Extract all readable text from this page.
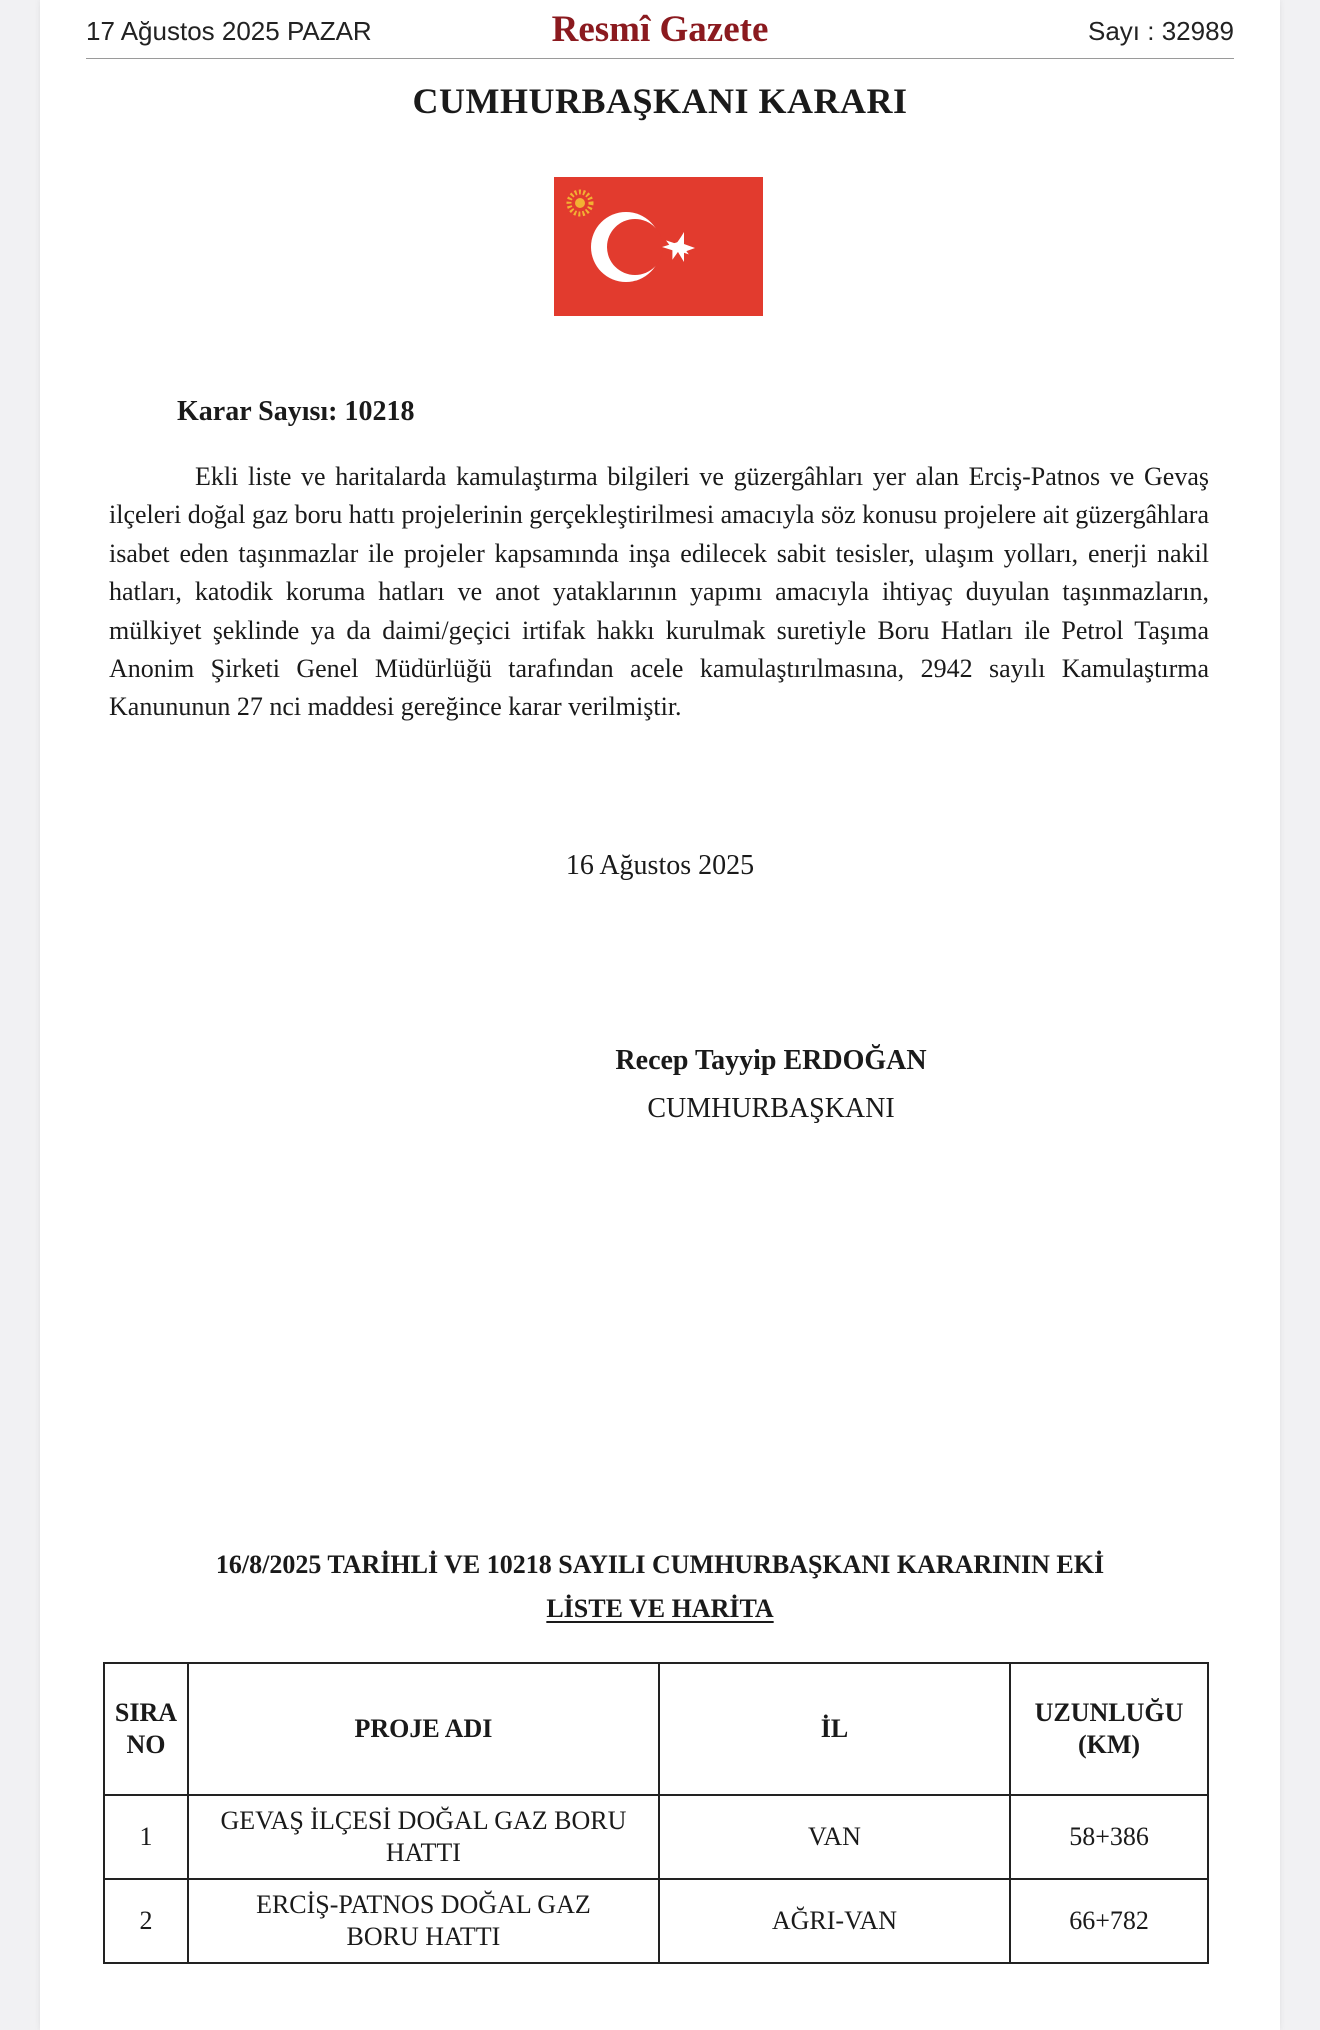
17 Ağustos 2025 PAZAR	Resmî Gazete	Sayı : 32989
CUMHURBAŞKANI KARARI
Karar Sayısı: 10218
Ekli liste ve haritalarda kamulaştırma bilgileri ve güzergâhları yer alan Erciş-Patnos ve Gevaş ilçeleri doğal gaz boru hattı projelerinin gerçekleştirilmesi amacıyla söz konusu projelere ait güzergâhlara isabet eden taşınmazlar ile projeler kapsamında inşa edilecek sabit tesisler, ulaşım yolları, enerji nakil hatları, katodik koruma hatları ve anot yataklarının yapımı amacıyla ihtiyaç duyulan taşınmazların, mülkiyet şeklinde ya da daimi/geçici irtifak hakkı kurulmak suretiyle Boru Hatları ile Petrol Taşıma Anonim Şirketi Genel Müdürlüğü tarafından acele kamulaştırılmasına, 2942 sayılı Kamulaştırma Kanununun 27 nci maddesi gereğince karar verilmiştir.
16 Ağustos 2025
Recep Tayyip ERDOĞAN
CUMHURBAŞKANI
16/8/2025 TARİHLİ VE 10218 SAYILI CUMHURBAŞKANI KARARININ EKİ
LİSTE VE HARİTA
SIRA
NO	PROJE ADI	İL	UZUNLUĞU
(KM)
1	GEVAŞ İLÇESİ DOĞAL GAZ BORU
HATTI	VAN	58+386
2	ERCİŞ-PATNOS DOĞAL GAZ
BORU HATTI	AĞRI-VAN	66+782
